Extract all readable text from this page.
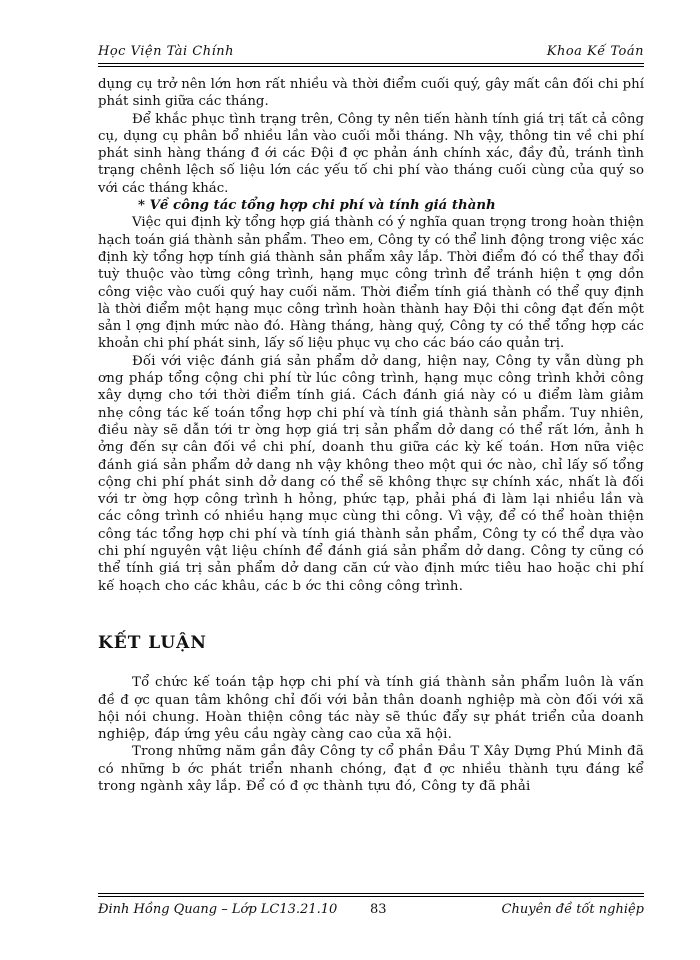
Học Viện Tài Chính	Khoa Kế Toán

dụng cụ trở nên lớn hơn rất nhiều và thời điểm cuối quý, gây mất cân đối chi phí phát sinh giữa các tháng.

Để khắc phục tình trạng trên, Công ty nên tiến hành tính giá trị tất cả công cụ, dụng cụ phân bổ nhiều lần vào cuối mỗi tháng. Nh vậy, thông tin về chi phí phát sinh hàng tháng đ ới các Đội đ ợc phản ánh chính xác, đầy đủ, tránh tình trạng chênh lệch số liệu lớn các yếu tố chi phí vào tháng cuối cùng của quý so với các tháng khác.

* Về công tác tổng hợp chi phí và tính giá thành

Việc qui định kỳ tổng hợp giá thành có ý nghĩa quan trọng trong hoàn thiện hạch toán giá thành sản phẩm. Theo em, Công ty có thể linh động trong việc xác định kỳ tổng hợp tính giá thành sản phẩm xây lắp. Thời điểm đó có thể thay đổi tuỳ thuộc vào từng công trình, hạng mục công trình để tránh hiện t ợng dồn công việc vào cuối quý hay cuối năm. Thời điểm tính giá thành có thể quy định là thời điểm một hạng mục công trình hoàn thành hay Đội thi công đạt đến một sản l ợng định mức nào đó. Hàng tháng, hàng quý, Công ty có thể tổng hợp các khoản chi phí phát sinh, lấy số liệu phục vụ cho các báo cáo quản trị.

Đối với việc đánh giá sản phẩm dở dang, hiện nay, Công ty vẫn dùng ph ơng pháp tổng cộng chi phí từ lúc công trình, hạng mục công trình khởi công xây dựng cho tới thời điểm tính giá. Cách đánh giá này có u điểm làm giảm nhẹ công tác kế toán tổng hợp chi phí và tính giá thành sản phẩm. Tuy nhiên, điều này sẽ dẫn tới tr ờng hợp giá trị sản phẩm dở dang có thể rất lớn, ảnh h ởng đến sự cân đối về chi phí, doanh thu giữa các kỳ kế toán. Hơn nữa việc đánh giá sản phẩm dở dang nh vậy không theo một qui ớc nào, chỉ lấy số tổng cộng chi phí phát sinh dở dang có thể sẽ không thực sự chính xác, nhất là đối với tr ờng hợp công trình h hỏng, phức tạp, phải phá đi làm lại nhiều lần và các công trình có nhiều hạng mục cùng thi công. Vì vậy, để có thể hoàn thiện công tác tổng hợp chi phí và tính giá thành sản phẩm, Công ty có thể dựa vào chi phí nguyên vật liệu chính để đánh giá sản phẩm dở dang. Công ty cũng có thể tính giá trị sản phẩm dở dang căn cứ vào định mức tiêu hao hoặc chi phí kế hoạch cho các khâu, các b ớc thi công công trình.

KẾT LUẬN

Tổ chức kế toán tập hợp chi phí và tính giá thành sản phẩm luôn là vấn đề đ ợc quan tâm không chỉ đối với bản thân doanh nghiệp mà còn đối với xã hội nói chung. Hoàn thiện công tác này sẽ thúc đẩy sự phát triển của doanh nghiệp, đáp ứng yêu cầu ngày càng cao của xã hội.

Trong những năm gần đây Công ty cổ phần Đầu T Xây Dựng Phú Minh đã có những b ớc phát triển nhanh chóng, đạt đ ợc nhiều thành tựu đáng kể trong ngành xây lắp. Để có đ ợc thành tựu đó, Công ty đã phải

Đinh Hồng Quang – Lớp LC13.21.10	83	Chuyên đề tốt nghiệp
